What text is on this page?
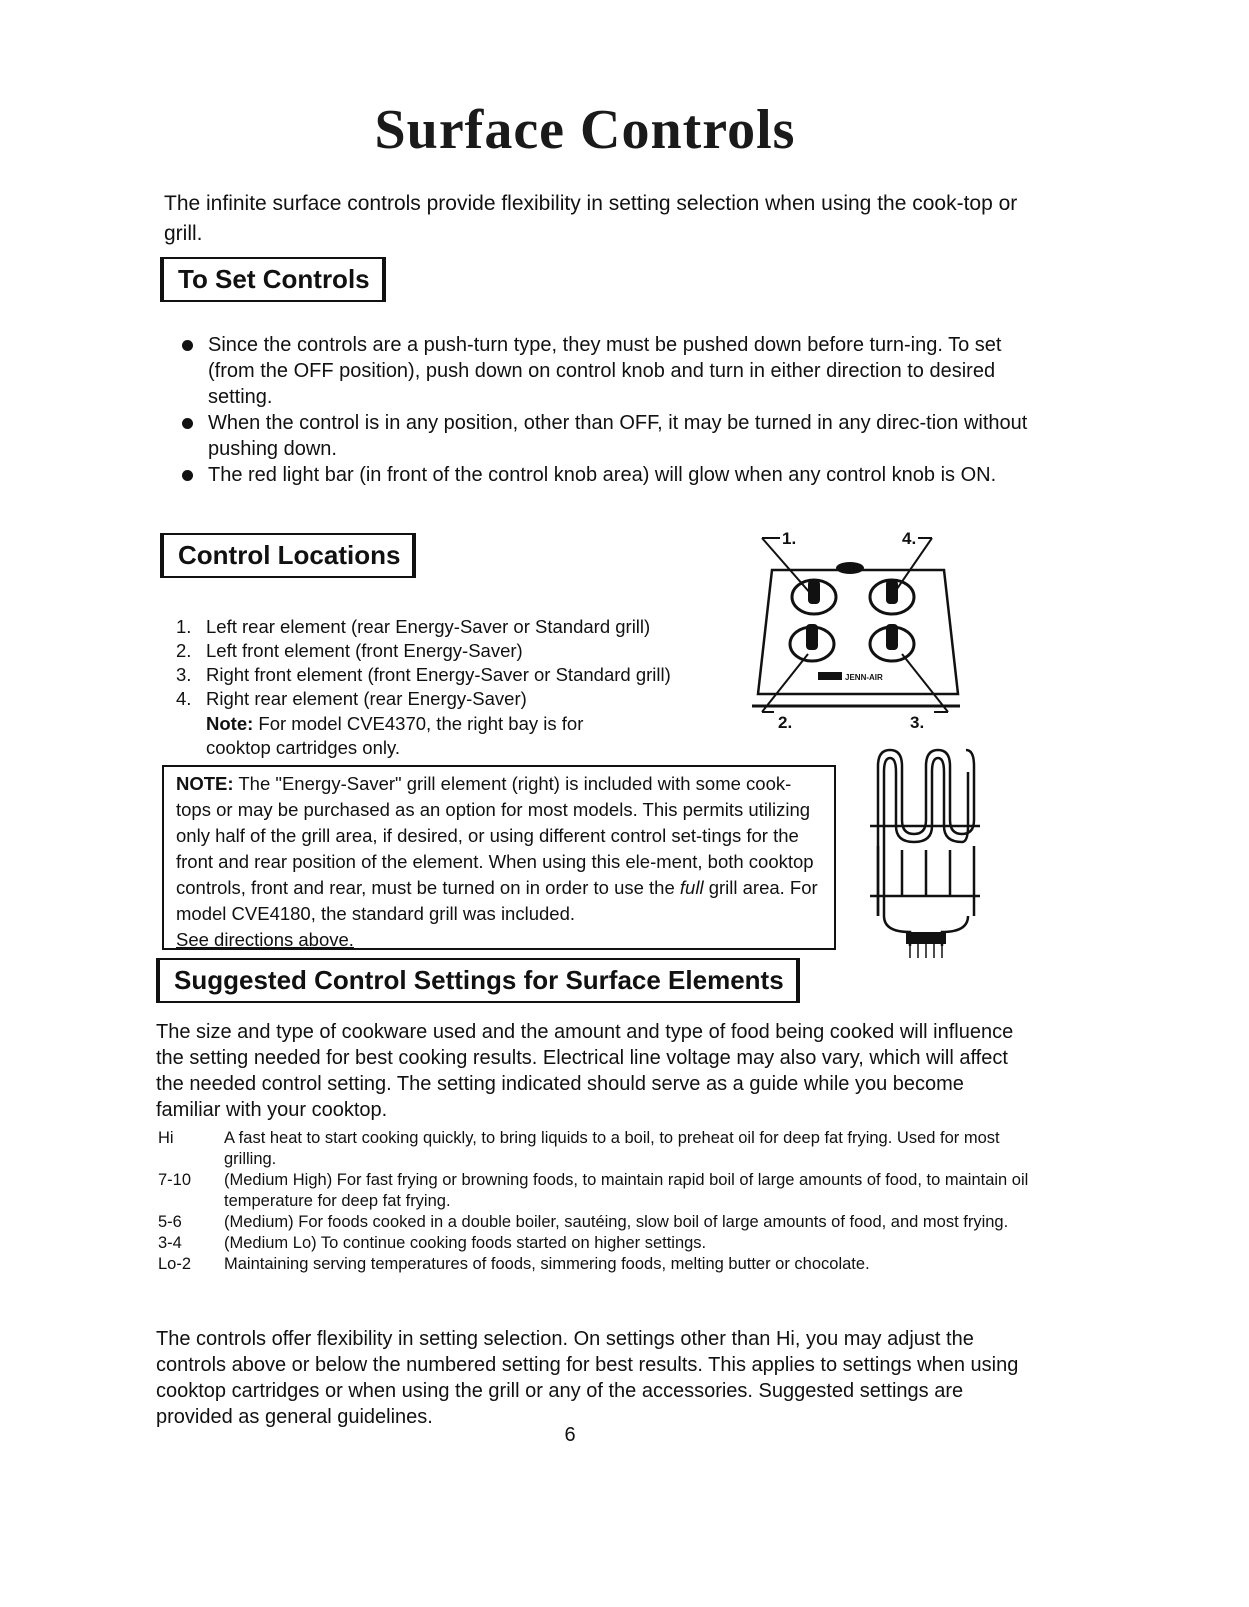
Surface Controls
The infinite surface controls provide flexibility in setting selection when using the cook-top or grill.
To Set Controls
Since the controls are a push-turn type, they must be pushed down before turn-ing. To set (from the OFF position), push down on control knob and turn in either direction to desired setting.
When the control is in any position, other than OFF, it may be turned in any direc-tion without pushing down.
The red light bar (in front of the control knob area) will glow when any control knob is ON.
Control Locations
1. Left rear element (rear Energy-Saver or Standard grill)
2. Left front element (front Energy-Saver)
3. Right front element (front Energy-Saver or Standard grill)
4. Right rear element (rear Energy-Saver)
Note: For model CVE4370, the right bay is for cooktop cartridges only.
JENN-AIR
1.	4.
2.	3.
NOTE: The "Energy-Saver" grill element (right) is included with some cook-tops or may be purchased as an option for most models. This permits utilizing only half of the grill area, if desired, or using different control set-tings for the front and rear position of the element. When using this ele-ment, both cooktop controls, front and rear, must be turned on in order to use the full grill area. For model CVE4180, the standard grill was included.
See directions above.
Suggested Control Settings for Surface Elements
The size and type of cookware used and the amount and type of food being cooked will influence the setting needed for best cooking results. Electrical line voltage may also vary, which will affect the needed control setting. The setting indicated should serve as a guide while you become familiar with your cooktop.
Hi	A fast heat to start cooking quickly, to bring liquids to a boil, to preheat oil for deep fat frying. Used for most grilling.
7-10	(Medium High) For fast frying or browning foods, to maintain rapid boil of large amounts of food, to maintain oil temperature for deep fat frying.
5-6	(Medium) For foods cooked in a double boiler, sautéing, slow boil of large amounts of food, and most frying.
3-4	(Medium Lo) To continue cooking foods started on higher settings.
Lo-2	Maintaining serving temperatures of foods, simmering foods, melting butter or chocolate.
The controls offer flexibility in setting selection. On settings other than Hi, you may adjust the controls above or below the numbered setting for best results. This applies to settings when using cooktop cartridges or when using the grill or any of the accessories. Suggested settings are provided as general guidelines.
6
